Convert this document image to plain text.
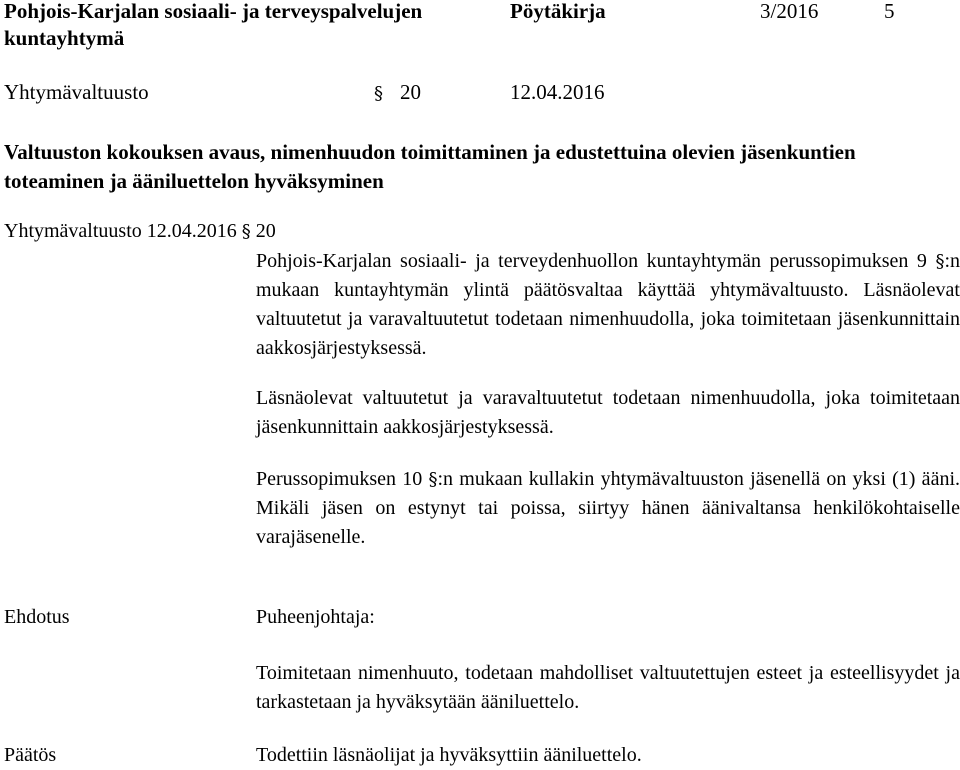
Pohjois-Karjalan sosiaali- ja terveyspalvelujen
kuntayhtymä
Pöytäkirja	3/2016	5
Yhtymävaltuusto	§ 20	12.04.2016
Valtuuston kokouksen avaus, nimenhuudon toimittaminen ja edustettuina olevien jäsenkuntien
toteaminen ja ääniluettelon hyväksyminen
Yhtymävaltuusto 12.04.2016 § 20

Pohjois-Karjalan sosiaali- ja terveydenhuollon kuntayhtymän perussopimuksen 9 §:n mukaan kuntayhtymän ylintä päätösvaltaa käyttää yhtymävaltuusto. Läsnäolevat valtuutetut ja varavaltuutetut todetaan nimenhuudolla, joka toimitetaan jäsenkunnittain aakkosjärjestyksessä.

Läsnäolevat valtuutetut ja varavaltuutetut todetaan nimenhuudolla, joka toimitetaan jäsenkunnittain aakkosjärjestyksessä.

Perussopimuksen 10 §:n mukaan kullakin yhtymävaltuuston jäsenellä on yksi (1) ääni. Mikäli jäsen on estynyt tai poissa, siirtyy hänen äänivaltansa henkilökohtaiselle varajäsenelle.

Ehdotus	Puheenjohtaja:

Toimitetaan nimenhuuto, todetaan mahdolliset valtuutettujen esteet ja esteellisyydet ja tarkastetaan ja hyväksytään ääniluettelo.

Päätös	Todettiin läsnäolijat ja hyväksyttiin ääniluettelo.
